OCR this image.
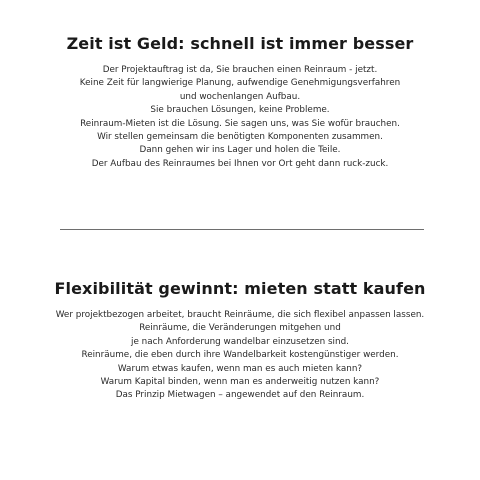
Zeit ist Geld: schnell ist immer besser
Der Projektauftrag ist da, Sie brauchen einen Reinraum - jetzt.
Keine Zeit für langwierige Planung, aufwendige Genehmigungsverfahren
und wochenlangen Aufbau.
Sie brauchen Lösungen, keine Probleme.
Reinraum-Mieten ist die Lösung. Sie sagen uns, was Sie wofür brauchen.
Wir stellen gemeinsam die benötigten Komponenten zusammen.
Dann gehen wir ins Lager und holen die Teile.
Der Aufbau des Reinraumes bei Ihnen vor Ort geht dann ruck-zuck.
Flexibilität gewinnt: mieten statt kaufen
Wer projektbezogen arbeitet, braucht Reinräume, die sich flexibel anpassen lassen.
Reinräume, die Veränderungen mitgehen und
je nach Anforderung wandelbar einzusetzen sind.
Reinräume, die eben durch ihre Wandelbarkeit kostengünstiger werden.
Warum etwas kaufen, wenn man es auch mieten kann?
Warum Kapital binden, wenn man es anderweitig nutzen kann?
Das Prinzip Mietwagen – angewendet auf den Reinraum.
